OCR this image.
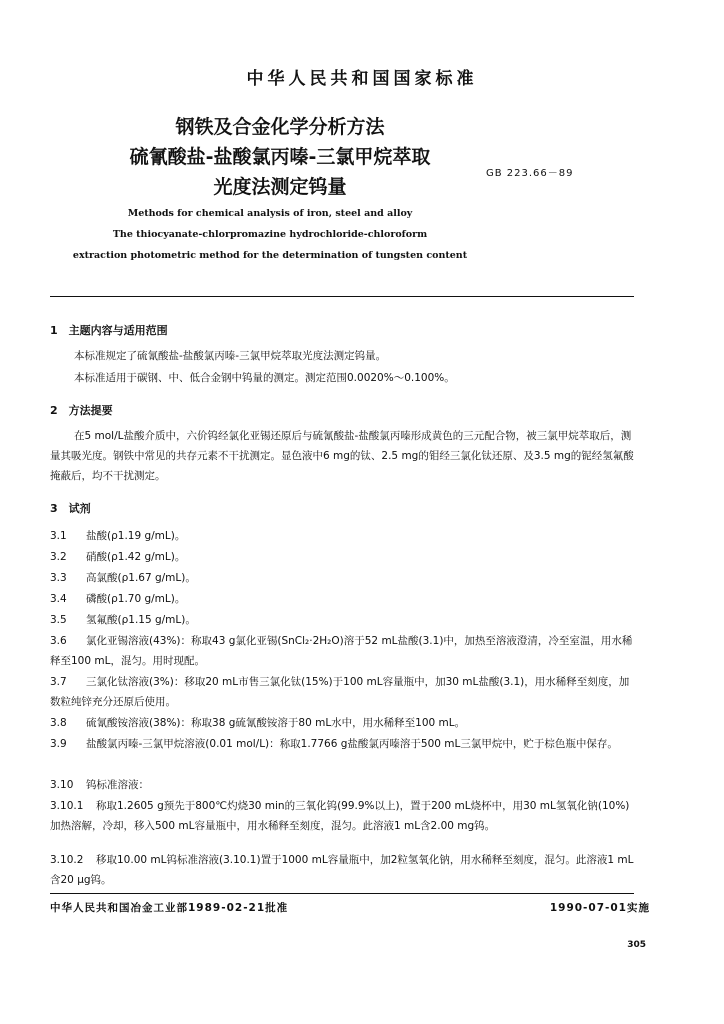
中华人民共和国国家标准
钢铁及合金化学分析方法
硫氰酸盐-盐酸氯丙嗪-三氯甲烷萃取
光度法测定钨量
GB 223.66－89
Methods for chemical analysis of iron, steel and alloy
The thiocyanate-chlorpromazine hydrochloride-chloroform
extraction photometric method for the determination of tungsten content
1　主题内容与适用范围
本标准规定了硫氰酸盐-盐酸氯丙嗪-三氯甲烷萃取光度法测定钨量。
本标准适用于碳钢、中、低合金钢中钨量的测定。测定范围0.0020%～0.100%。
2　方法提要
在5 mol/L盐酸介质中，六价钨经氯化亚锡还原后与硫氰酸盐-盐酸氯丙嗪形成黄色的三元配合物，被三氯甲烷萃取后，测量其吸光度。钢铁中常见的共存元素不干扰测定。显色液中6 mg的钛、2.5 mg的钼经三氯化钛还原、及3.5 mg的铌经氢氟酸掩蔽后，均不干扰测定。
3　试剂
3.1 盐酸(ρ1.19 g/mL)。
3.2 硝酸(ρ1.42 g/mL)。
3.3 高氯酸(ρ1.67 g/mL)。
3.4 磷酸(ρ1.70 g/mL)。
3.5 氢氟酸(ρ1.15 g/mL)。
3.6 氯化亚锡溶液(43%)：称取43 g氯化亚锡(SnCl₂·2H₂O)溶于52 mL盐酸(3.1)中，加热至溶液澄清，冷至室温，用水稀释至100 mL，混匀。用时现配。
3.7 三氯化钛溶液(3%)：移取20 mL市售三氯化钛(15%)于100 mL容量瓶中，加30 mL盐酸(3.1)，用水稀释至刻度，加数粒纯锌充分还原后使用。
3.8 硫氰酸铵溶液(38%)：称取38 g硫氰酸铵溶于80 mL水中，用水稀释至100 mL。
3.9 盐酸氯丙嗪-三氯甲烷溶液(0.01 mol/L)：称取1.7766 g盐酸氯丙嗪溶于500 mL三氯甲烷中，贮于棕色瓶中保存。
3.10 钨标准溶液：
3.10.1 称取1.2605 g预先于800℃灼烧30 min的三氧化钨(99.9%以上)，置于200 mL烧杯中，用30 mL氢氧化钠(10%)加热溶解，冷却，移入500 mL容量瓶中，用水稀释至刻度，混匀。此溶液1 mL含2.00 mg钨。
3.10.2 移取10.00 mL钨标准溶液(3.10.1)置于1000 mL容量瓶中，加2粒氢氧化钠，用水稀释至刻度，混匀。此溶液1 mL含20 μg钨。
中华人民共和国冶金工业部1989-02-21批准	1990-07-01实施
305
